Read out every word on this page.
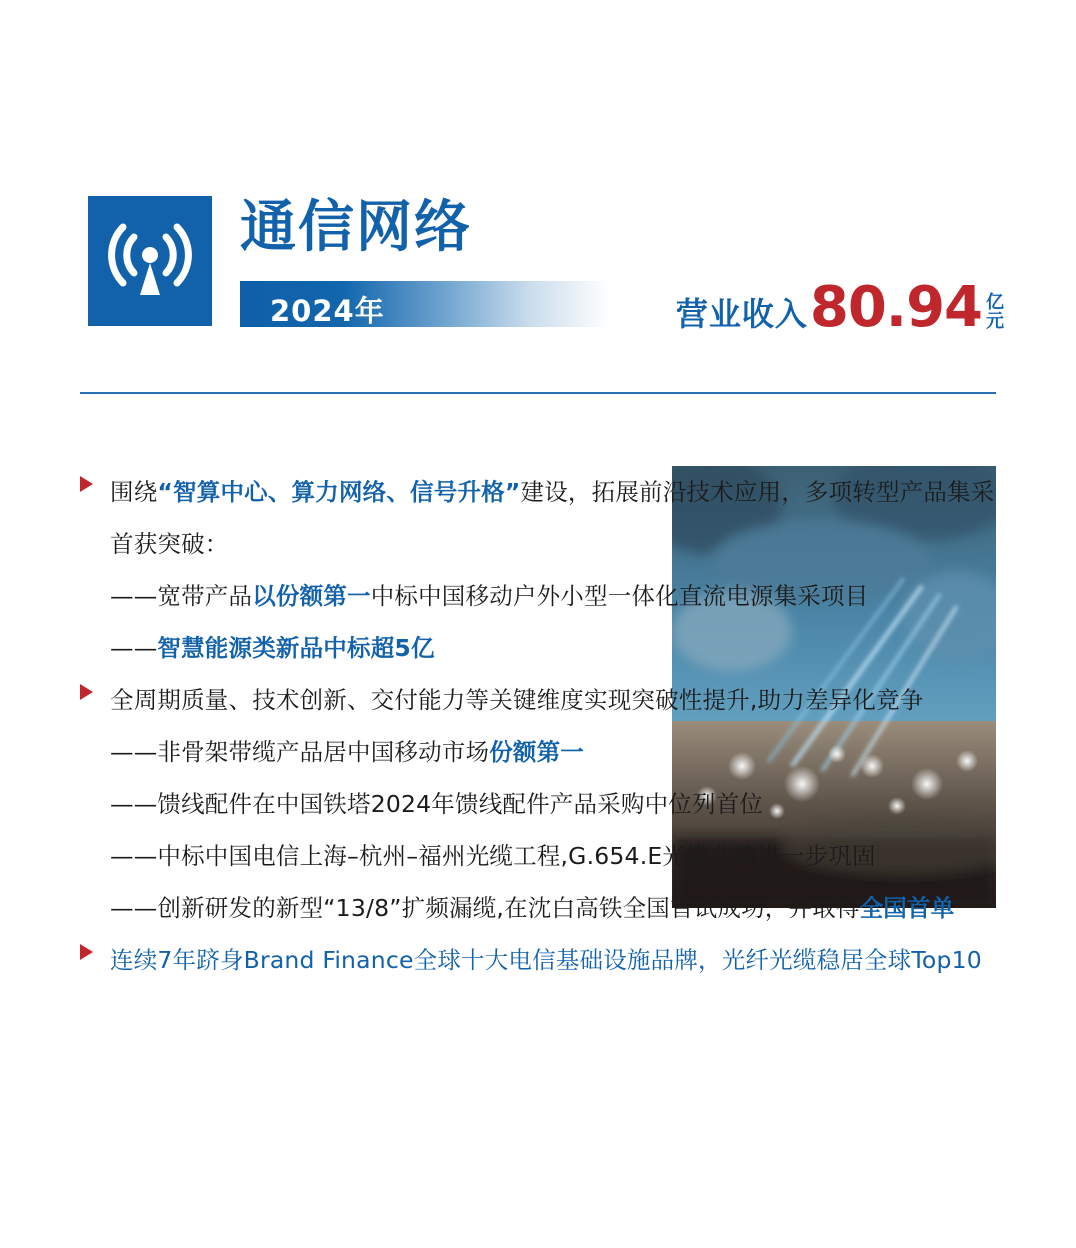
通信网络
2024年	营业收入 80.94 亿
元
围绕“智算中心、算力网络、信号升格”建设，拓展前沿技术应用，多项转型产品集采首获突破：
——宽带产品以份额第一中标中国移动户外小型一体化直流电源集采项目
——智慧能源类新品中标超5亿
全周期质量、技术创新、交付能力等关键维度实现突破性提升,助力差异化竞争
——非骨架带缆产品居中国移动市场份额第一
——馈线配件在中国铁塔2024年馈线配件产品采购中位列首位
——中标中国电信上海–杭州–福州光缆工程,G.654.E光缆业绩进一步巩固
——创新研发的新型“13/8”扩频漏缆,在沈白高铁全国首试成功，并取得全国首单
连续7年跻身Brand Finance全球十大电信基础设施品牌，光纤光缆稳居全球Top10
